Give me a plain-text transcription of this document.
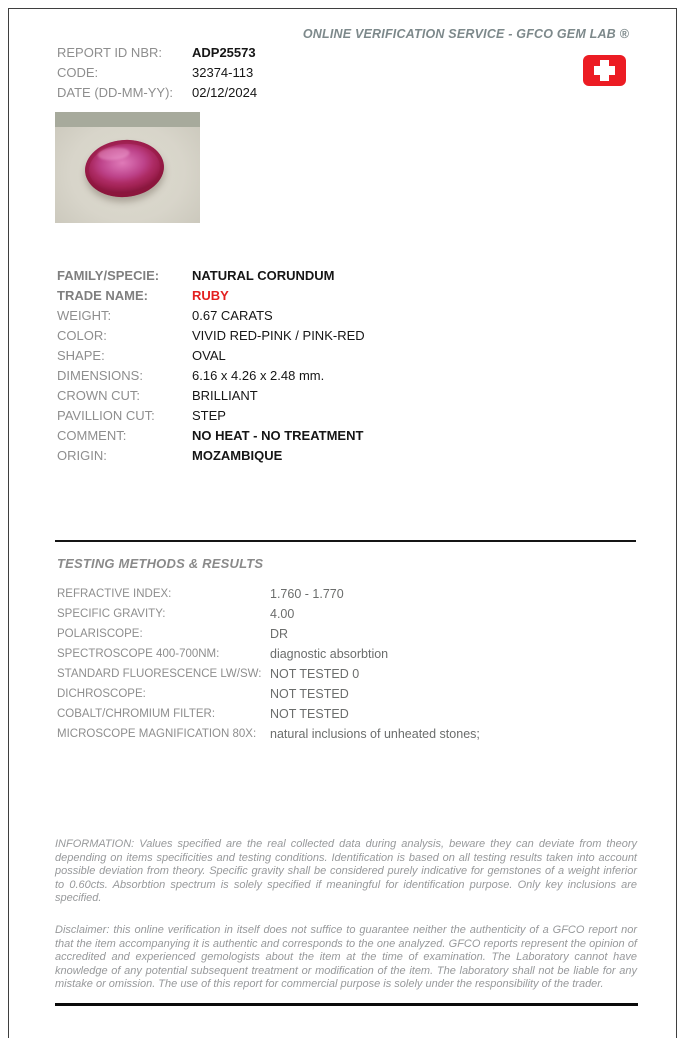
ONLINE VERIFICATION SERVICE - GFCO GEM LAB ®
REPORT ID NBR:	ADP25573
CODE:	32374-113
DATE (DD-MM-YY):	02/12/2024
FAMILY/SPECIE:	NATURAL CORUNDUM
TRADE NAME:	RUBY
WEIGHT:	0.67 CARATS
COLOR:	VIVID RED-PINK / PINK-RED
SHAPE:	OVAL
DIMENSIONS:	6.16 x 4.26 x 2.48 mm.
CROWN CUT:	BRILLIANT
PAVILLION CUT:	STEP
COMMENT:	NO HEAT - NO TREATMENT
ORIGIN:	MOZAMBIQUE
TESTING METHODS & RESULTS
REFRACTIVE INDEX:	1.760 - 1.770
SPECIFIC GRAVITY:	4.00
POLARISCOPE:	DR
SPECTROSCOPE 400-700NM:	diagnostic absorbtion
STANDARD FLUORESCENCE LW/SW: NOT TESTED 0
DICHROSCOPE:	NOT TESTED
COBALT/CHROMIUM FILTER:	NOT TESTED
MICROSCOPE MAGNIFICATION 80X:	natural inclusions of unheated stones;
INFORMATION: Values specified are the real collected data during analysis, beware they can deviate from theory depending on items specificities and testing conditions. Identification is based on all testing results taken into account possible deviation from theory. Specific gravity shall be considered purely indicative for gemstones of a weight inferior to 0.60cts. Absorbtion spectrum is solely specified if meaningful for identification purpose. Only key inclusions are specified.
Disclaimer: this online verification in itself does not suffice to guarantee neither the authenticity of a GFCO report nor that the item accompanying it is authentic and corresponds to the one analyzed. GFCO reports represent the opinion of accredited and experienced gemologists about the item at the time of examination. The Laboratory cannot have knowledge of any potential subsequent treatment or modification of the item. The laboratory shall not be liable for any mistake or omission. The use of this report for commercial purpose is solely under the responsibility of the trader.
